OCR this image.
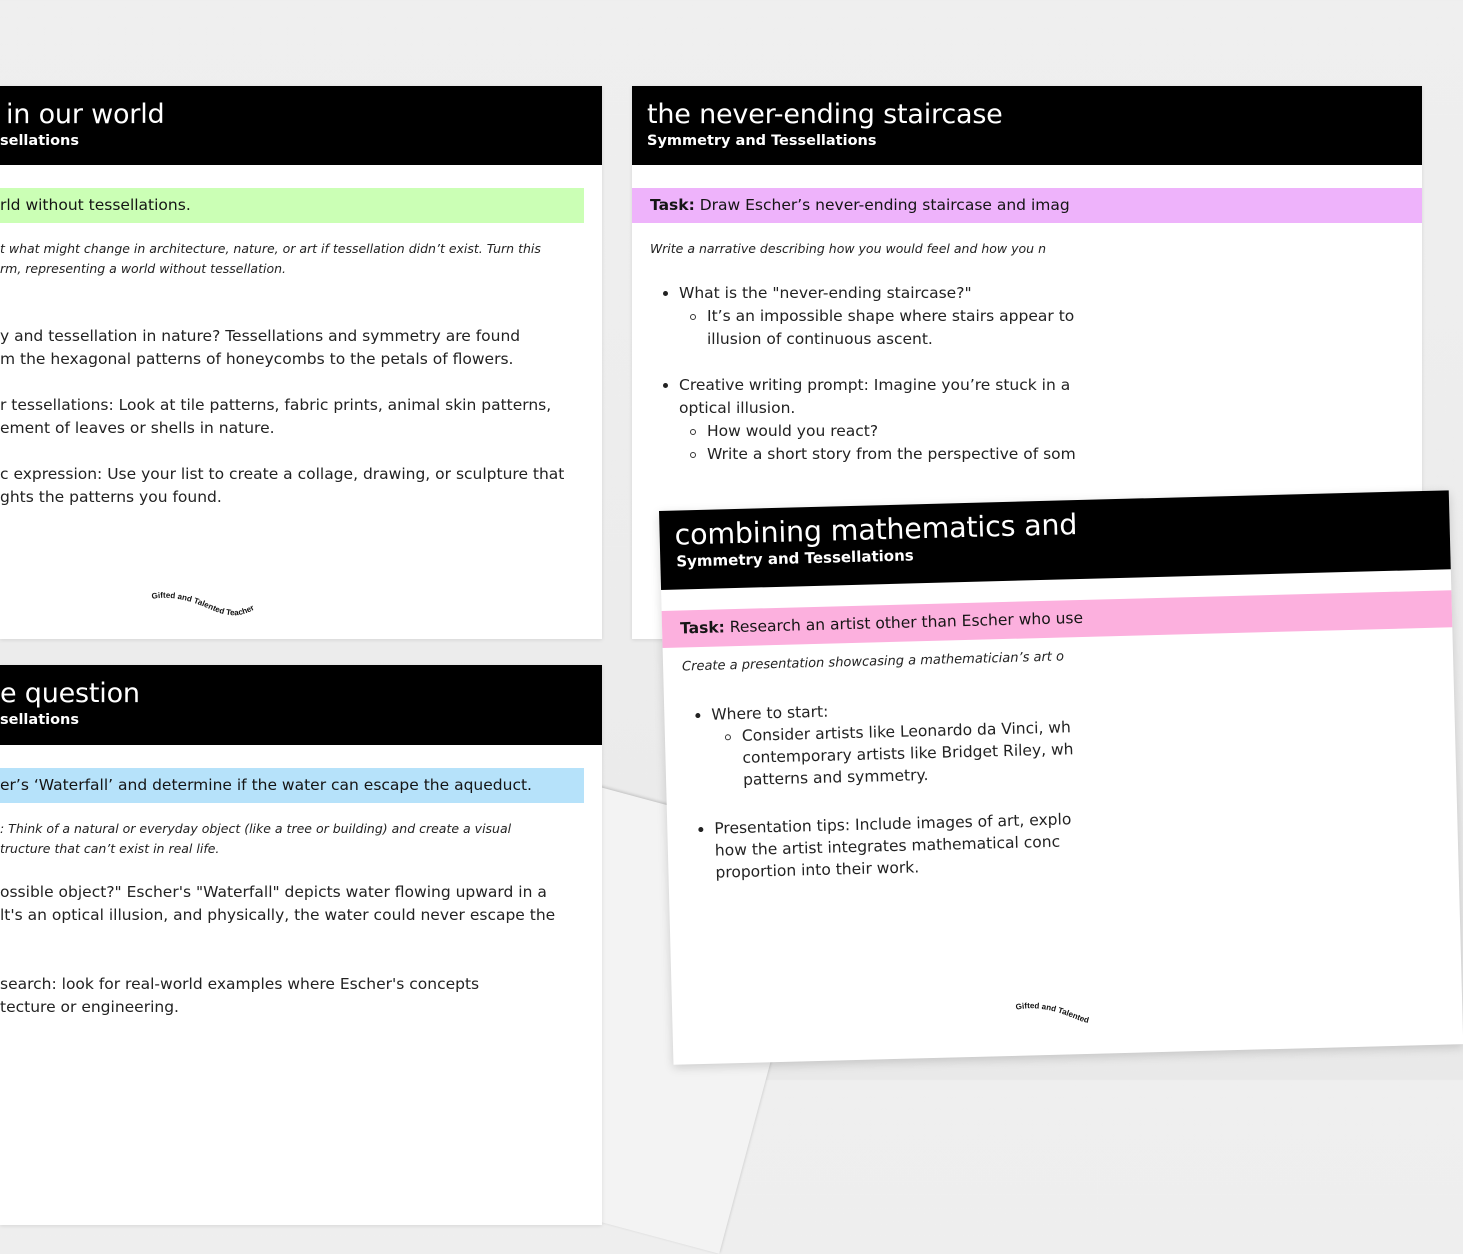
in our world
sellations
rld without tessellations.
t what might change in architecture, nature, or art if tessellation didn’t exist. Turn this
rm, representing a world without tessellation.
y and tessellation in nature? Tessellations and symmetry are found
m the hexagonal patterns of honeycombs to the petals of flowers.
r tessellations: Look at tile patterns, fabric prints, animal skin patterns,
ement of leaves or shells in nature.
c expression: Use your list to create a collage, drawing, or sculpture that
ghts the patterns you found.
Gifted and Talented Teacher
e question
sellations
er’s ‘Waterfall’ and determine if the water can escape the aqueduct.
: Think of a natural or everyday object (like a tree or building) and create a visual
tructure that can’t exist in real life.
ossible object?" Escher's "Waterfall" depicts water flowing upward in a
lt's an optical illusion, and physically, the water could never escape the
search: look for real-world examples where Escher's concepts
tecture or engineering.
the never-ending staircase
Symmetry and Tessellations
Task: Draw Escher’s never-ending staircase and imag
Write a narrative describing how you would feel and how you n
What is the "never-ending staircase?"
It’s an impossible shape where stairs appear to
illusion of continuous ascent.
Creative writing prompt: Imagine you’re stuck in a
optical illusion.
How would you react?
Write a short story from the perspective of som
combining mathematics and
Symmetry and Tessellations
Task: Research an artist other than Escher who use
Create a presentation showcasing a mathematician’s art o
Where to start:
Consider artists like Leonardo da Vinci, wh
contemporary artists like Bridget Riley, wh
patterns and symmetry.
Presentation tips: Include images of art, explo
how the artist integrates mathematical conc
proportion into their work.
Gifted and Talented
